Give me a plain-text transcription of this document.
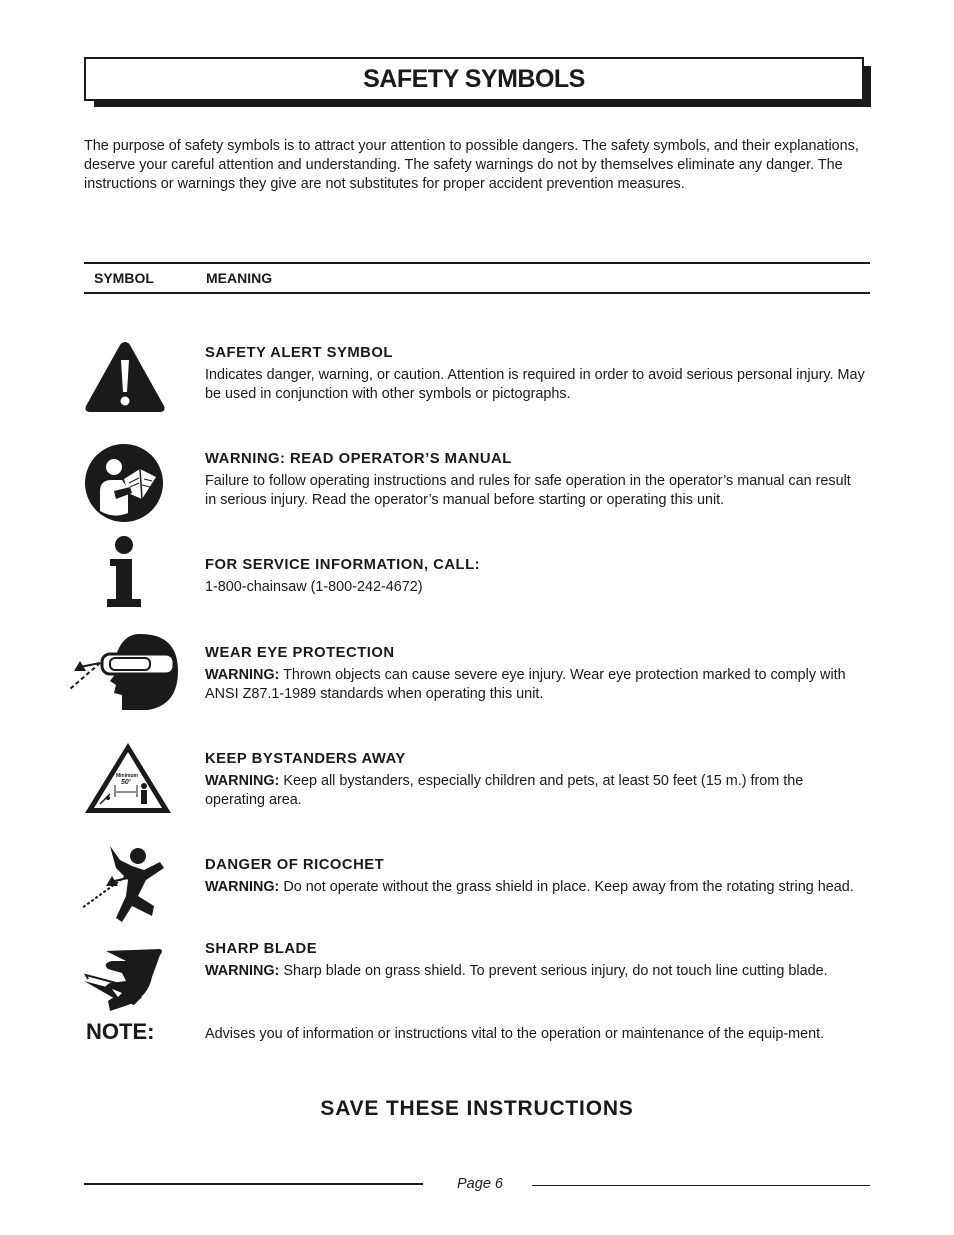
SAFETY SYMBOLS

The purpose of safety symbols is to attract your attention to possible dangers. The safety symbols, and their explanations, deserve your careful attention and understanding. The safety warnings do not by themselves eliminate any danger. The instructions or warnings they give are not substitutes for proper accident prevention measures.

SYMBOL	MEANING
Minimum
50'
SAFETY ALERT SYMBOL

Indicates danger, warning, or caution. Attention is required in order to avoid serious personal injury. May be used in conjunction with other symbols or pictographs.

WARNING: READ OPERATOR’S MANUAL

Failure to follow operating instructions and rules for safe operation in the operator’s manual can result in serious injury. Read the operator’s manual before starting or operating this unit.

FOR SERVICE INFORMATION, CALL:

1-800-chainsaw (1-800-242-4672)

WEAR EYE PROTECTION

WARNING: Thrown objects can cause severe eye injury. Wear eye protection marked to comply with ANSI Z87.1-1989 standards when operating this unit.

KEEP BYSTANDERS AWAY

WARNING: Keep all bystanders, especially children and pets, at least 50 feet (15 m.) from the operating area.

DANGER OF RICOCHET

WARNING: Do not operate without the grass shield in place. Keep away from the rotating string head.

SHARP BLADE

WARNING: Sharp blade on grass shield. To prevent serious injury, do not touch line cutting blade.

NOTE:	Advises you of information or instructions vital to the operation or maintenance of the equip-ment.

SAVE THESE INSTRUCTIONS
Page 6
